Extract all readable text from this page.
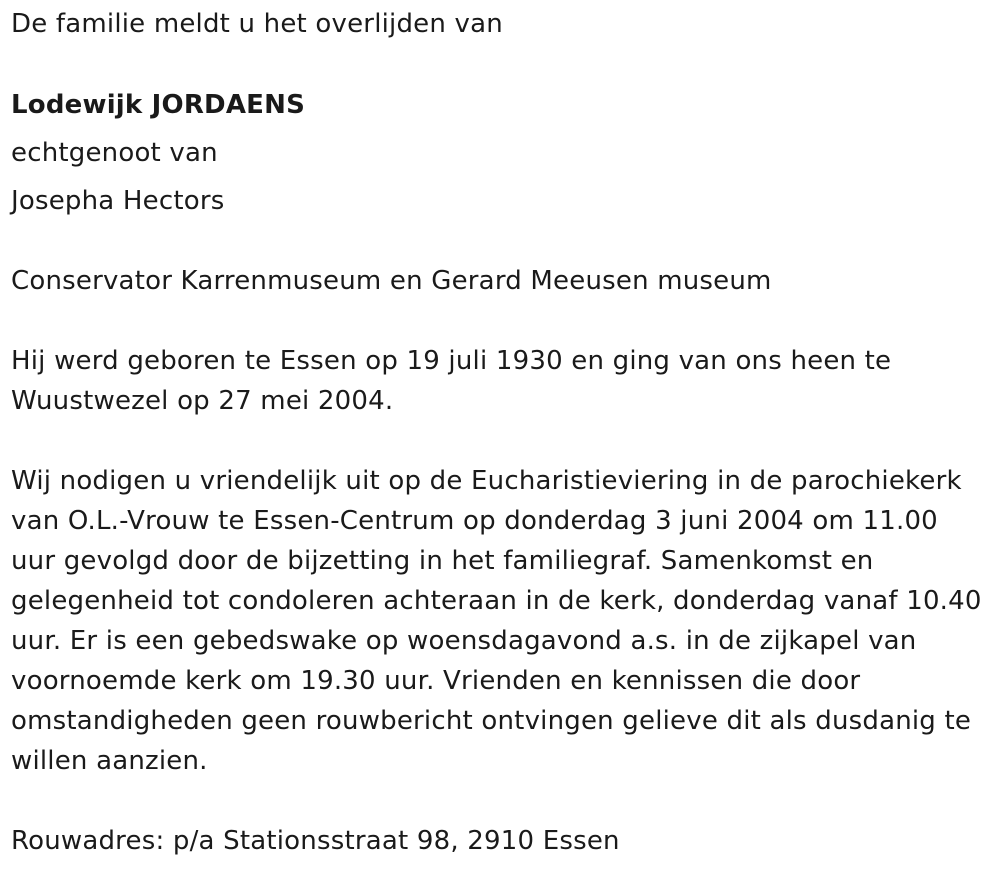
De familie meldt u het overlijden van
Lodewijk JORDAENS
echtgenoot van
Josepha Hectors
Conservator Karrenmuseum en Gerard Meeusen museum
Hij werd geboren te Essen op 19 juli 1930 en ging van ons heen te
Wuustwezel op 27 mei 2004.
Wij nodigen u vriendelijk uit op de Eucharistieviering in de parochiekerk
van O.L.-Vrouw te Essen-Centrum op donderdag 3 juni 2004 om 11.00
uur gevolgd door de bijzetting in het familiegraf. Samenkomst en
gelegenheid tot condoleren achteraan in de kerk, donderdag vanaf 10.40
uur. Er is een gebedswake op woensdagavond a.s. in de zijkapel van
voornoemde kerk om 19.30 uur. Vrienden en kennissen die door
omstandigheden geen rouwbericht ontvingen gelieve dit als dusdanig te
willen aanzien.
Rouwadres: p/a Stationsstraat 98, 2910 Essen
